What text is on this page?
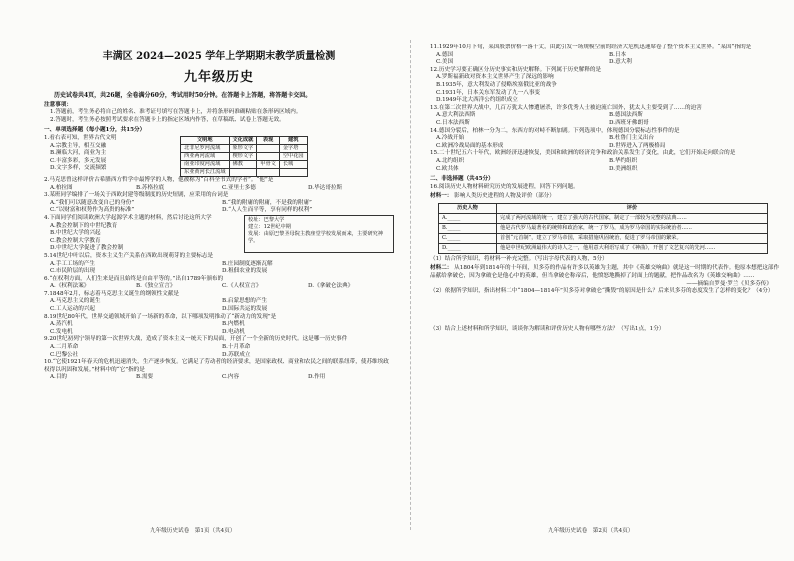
丰满区 2024—2025 学年上学期期末教学质量检测
九年级历史
历史试卷共4页，共26题，全卷满分60分，考试用时50分钟。在答题卡上答题，将答题卡交回。
注意事项：

1.答题前，考生务必将自己的姓名、准考证号填写在答题卡上，并将条形码准确粘贴在条形码区域内。

2.答题时，考生务必按照考试要求在答题卡上的指定区域内作答，在草稿纸、试卷上答题无效。

一、单项选择题（每小题1分，共15分）

1.看右表可知，世界古代文明

A.宗教主导，相互交融
B.濒临大河，商业为主
C.丰富多彩，多元发展
D.文字多样，交流频繁
文明地	文化成就	表现	建筑
北非尼罗河流域	象形文字		金字塔
西亚两河流域	楔形文字		空中花园
南亚印度河流域	佛教	甲骨文	长城
东亚黄河长江流域			

2.马克思曾这样评价古希腊西方哲学中最博学的人物，他被称为“百科全书式的学者”。“他”是

A.柏拉图	B.苏格拉底	C.亚里士多德	D.毕达哥拉斯

3.某班同学编排了一场关于西欧封建等级制度的历史短剧，应采用的台词是

A.“我们可以随意改变自己的身份”	B.“我的附庸的附庸，不是我的附庸”
C.“以财富和权势作为高贵的标准”	D.“人人生而平等，享有同样的权利”

4.下面同学们阅读欧洲大学起源学术主题的材料，然后讨论这所大学

A.教会控制下的中世纪教育
B.中世纪大学的兴起
C.教会控制大学教育
D.中世纪大学促进了教会控制
校址：巴黎大学
建立：12世纪中期
发展：由原巴黎圣母院主教座堂学校发展而来，主要研究神学。

5.14世纪中叶以后，资本主义生产关系在西欧出现萌芽的主要标志是

A.手工工场的产生	B.庄园制度逐渐瓦解
C.市民阶层的出现	D.租佃农业的发展

6.“在权利方面，人们生来是而且始终是自由平等的。”出自1789年颁布的

A.《权利法案》	B.《独立宣言》	C.《人权宣言》	D.《拿破仑法典》

7.1848年2月，标志着马克思主义诞生的纲领性文献是

A.马克思主义的诞生	B.启蒙思想的产生
C.工人运动的兴起	D.国际共运的发展

8.19世纪80年代，世界交通领域开始了一场新的革命，以下哪项发明推动了“新动力的发现”是

A.蒸汽机	B.内燃机
C.发电机	D.电动机

9.20世纪初列宁领导的第一次世界大战，造成了资本主义一统天下的局面，开创了一个全新的历史时代。这是哪一历史事件

A.二月革命	B.十月革命
C.巴黎公社	D.苏联成立

10.“它使1921年春天的危机迅速消失，生产逐步恢复。它满足了劳动者的经济要求，是国家政权、商业和农民之间的联系纽带，使苏维埃政权得以巩固和发展。”材料中的“它”指的是

A.目的	B.需要	C.内容	D.作用

11.1929年10月下旬，某国股票价格一落千丈，由此引发一场规模空前的经济大危机迅速席卷了整个资本主义世界。“某国”指的是

A.德国	B.日本
C.美国	D.意大利

12.历史学习要正确区分历史事实和历史解释。下列属于历史解释的是

A.罗斯福新政对资本主义世界产生了深远的影响
B.1935年，意大利发动了侵略埃塞俄比亚的战争
C.1931年，日本关东军发动了九一八事变
D.1949年北大西洋公约组织成立

13.在第二次世界大战中，几百万犹太人惨遭屠杀，许多优秀人士被迫流亡国外，犹太人主要受到了……的迫害

A.意大利法西斯	B.德国法西斯
C.日本法西斯	D.西班牙佛朗哥

14.德国分裂后，柏林一分为二，东西方的对峙不断加剧。下列选项中，体现德国分裂标志性事件的是

A.冷战开始	B.杜鲁门主义出台
C.欧洲冷战局面的基本形成	D.世界进入了两极格局

15.二十世纪五六十年代，欧洲经济迅速恢复，美国和欧洲的经济竞争和政治关系发生了变化，由此，它们开始走向联合的是

A.北约组织	B.华约组织
C.欧共体	D.美洲组织
二、非选择题（共45分）

16.阅读历史人物材料研究历史的发展进程，回答下列问题。

材料一： 影响人类历史进程的人物及评价（部分）
历史人物	评价
A._____	完成了两河流域的统一，建立了强大的古代国家，制定了一部较为完整的法典……
B._____	他是古代罗马最著名的统帅和政治家，统一了罗马，成为罗马帝国的实际统治者……
C._____	首创“元首制”，建立了罗马帝国，采取措施巩固统治，促进了罗马帝国的繁荣。
D._____	他是中世纪欧洲最伟大的诗人之一，他用意大利语写成了《神曲》，开创了文艺复兴的先河……

（1）结合所学知识，将材料一补充完整。（写出字母代表的人物，5分）

材料二： 从1804年到1814年的十年间，贝多芬的作品有许多以英雄为主题，其中《英雄交响曲》就是这一时期的代表作。他原本想把这部作品献给拿破仑，因为拿破仑是他心中的英雄，但当拿破仑称帝后，他愤怒地撕掉了封面上的题献，把作品改名为《英雄交响曲》……
——摘编自罗曼·罗兰《贝多芬传》

（2）依据所学知识，指出材料二中“1804—1814年”贝多芬对拿破仑“撕毁”的原因是什么？后来贝多芬的态度发生了怎样的变化？（4分）

（3）结合上述材料和所学知识，谈谈你为解读和评价历史人物有哪些方法？（写出1点，1分）

九年级历史试卷　第1页（共4页）	九年级历史试卷　第2页（共4页）
